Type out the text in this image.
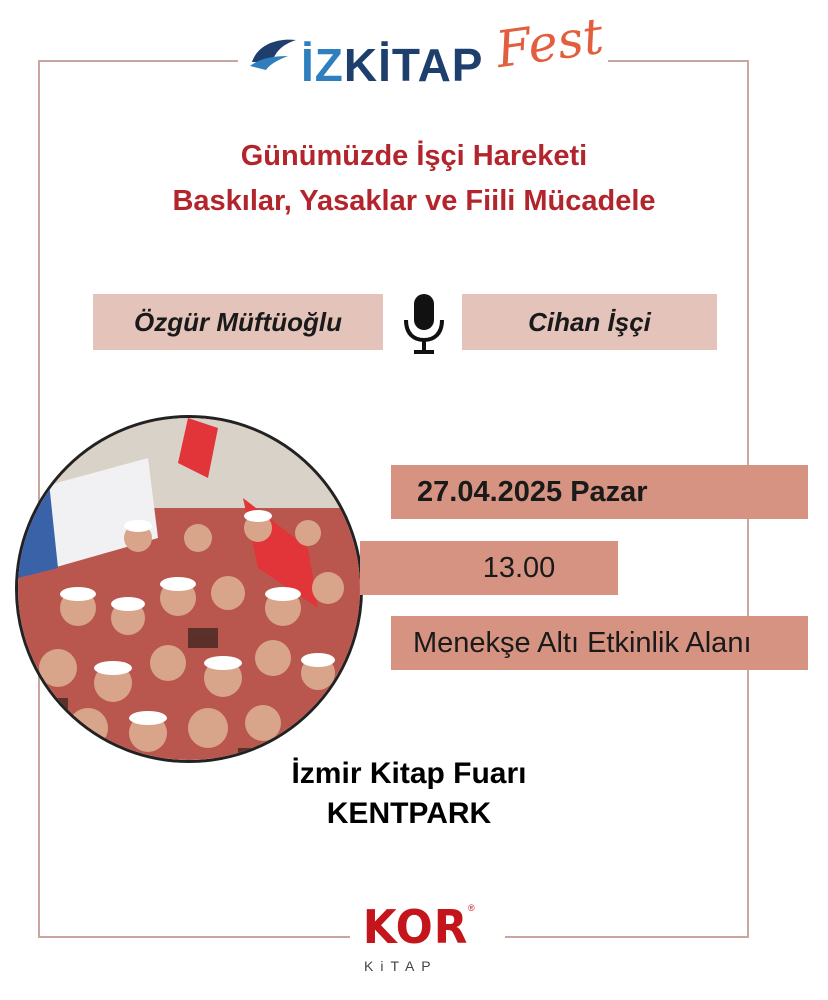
İZKİTAP Fest
Günümüzde İşçi Hareketi
Baskılar, Yasaklar ve Fiili Mücadele
Özgür Müftüoğlu	Cihan İşçi
27.04.2025 Pazar
13.00
Menekşe Altı Etkinlik Alanı
İzmir Kitap Fuarı
KENTPARK
KOR ®
KiTAP
